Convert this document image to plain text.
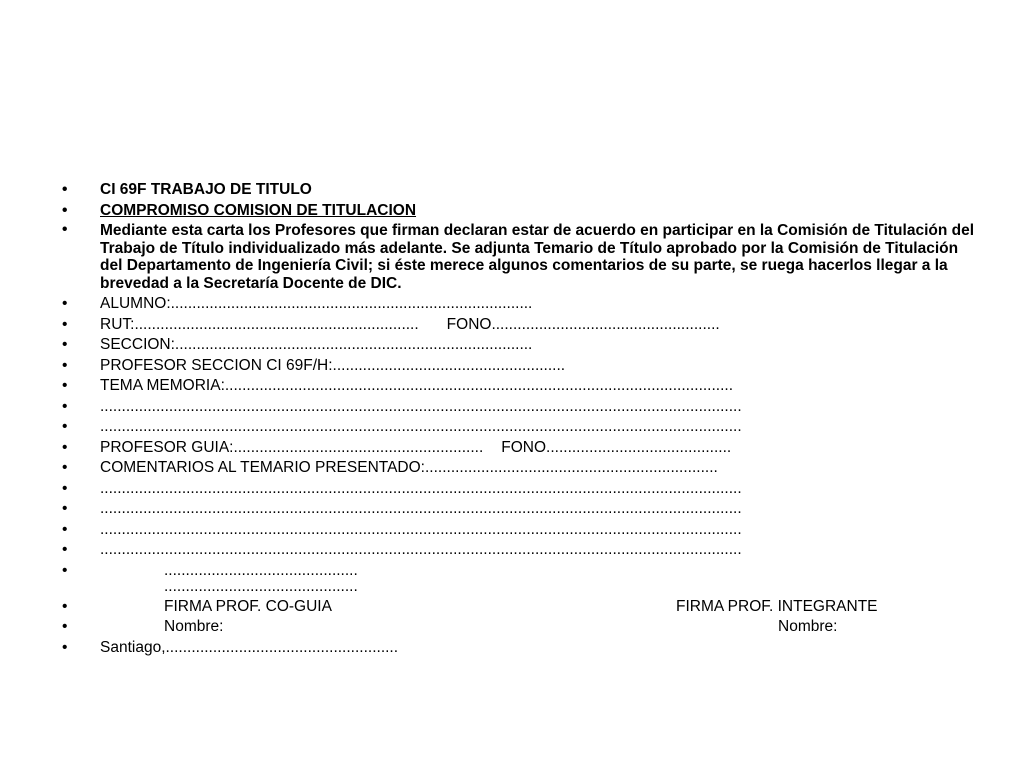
• CI 69F TRABAJO DE TITULO
• COMPROMISO COMISION DE TITULACION
• Mediante esta carta los Profesores que firman declaran estar de acuerdo en participar en la Comisión de Titulación del Trabajo de Título individualizado más adelante. Se adjunta Temario de Título aprobado por la Comisión de Titulación del Departamento de Ingeniería Civil; si éste merece algunos comentarios de su parte, se ruega hacerlos llegar a la brevedad a la Secretaría Docente de DIC.
• ALUMNO:....................................................................................
• RUT:.................................................................. FONO.....................................................
• SECCION:...................................................................................
• PROFESOR SECCION CI 69F/H:......................................................
• TEMA MEMORIA:......................................................................................................................
• .....................................................................................................................................................
• .....................................................................................................................................................
• PROFESOR GUIA:.......................................................... FONO...........................................
• COMENTARIOS AL TEMARIO PRESENTADO:....................................................................
• .....................................................................................................................................................
• .....................................................................................................................................................
• .....................................................................................................................................................
• .....................................................................................................................................................
•	.............................................
.............................................
•	FIRMA PROF. CO-GUIA	FIRMA PROF. INTEGRANTE
•	Nombre:	Nombre:
• Santiago,......................................................
